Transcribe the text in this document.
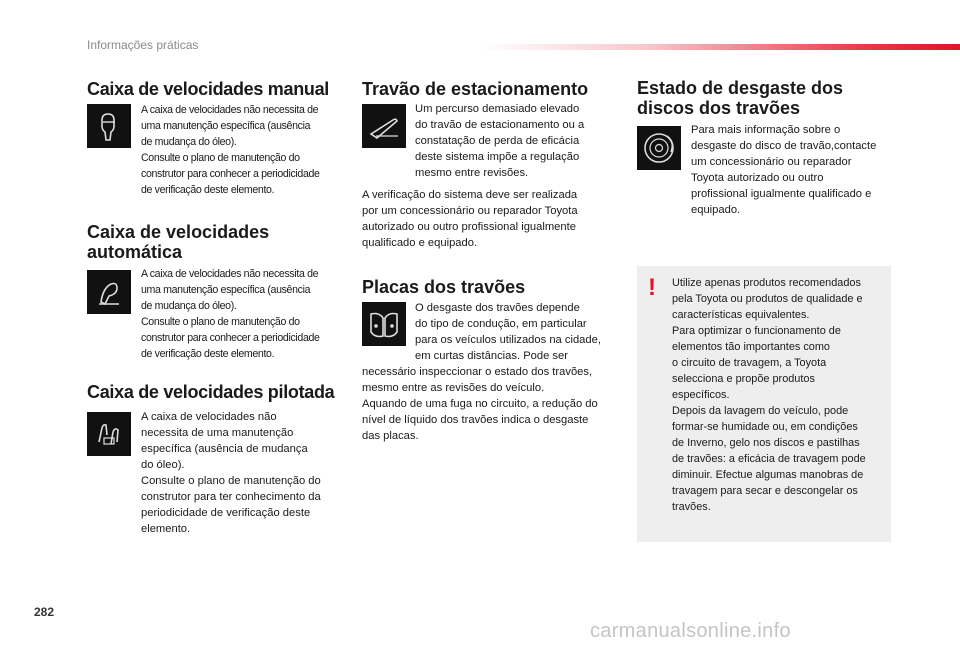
Informações práticas
Caixa de velocidades manual

A caixa de velocidades não necessita de

uma manutenção específica (ausência

de mudança do óleo).

Consulte o plano de manutenção do

construtor para conhecer a periodicidade

de verificação deste elemento.

Caixa de velocidades
automática

A caixa de velocidades não necessita de

uma manutenção específica (ausência

de mudança do óleo).

Consulte o plano de manutenção do

construtor para conhecer a periodicidade

de verificação deste elemento.

Caixa de velocidades pilotada

A caixa de velocidades não

necessita de uma manutenção

específica (ausência de mudança

do óleo).

Consulte o plano de manutenção do

construtor para ter conhecimento da

periodicidade de verificação deste

elemento.

Travão de estacionamento

Um percurso demasiado elevado

do travão de estacionamento ou a

constatação de perda de eficácia

deste sistema impõe a regulação

mesmo entre revisões.

A verificação do sistema deve ser realizada

por um concessionário ou reparador Toyota

autorizado ou outro profissional igualmente

qualificado e equipado.

Placas dos travões

O desgaste dos travões depende

do tipo de condução, em particular

para os veículos utilizados na cidade,

em curtas distâncias. Pode ser

necessário inspeccionar o estado dos travões,

mesmo entre as revisões do veículo.

Aquando de uma fuga no circuito, a redução do

nível de líquido dos travões indica o desgaste

das placas.

Estado de desgaste dos
discos dos travões

Para mais informação sobre o

desgaste do disco de travão,contacte

um concessionário ou reparador

Toyota autorizado ou outro

profissional igualmente qualificado e

equipado.

! Utilize apenas produtos recomendados

pela Toyota ou produtos de qualidade e

características equivalentes.

Para optimizar o funcionamento de

elementos tão importantes como

o circuito de travagem, a Toyota

selecciona e propõe produtos

específicos.

Depois da lavagem do veículo, pode

formar-se humidade ou, em condições

de Inverno, gelo nos discos e pastilhas

de travões: a eficácia de travagem pode

diminuir. Efectue algumas manobras de

travagem para secar e descongelar os

travões.

282
carmanualsonline.info
